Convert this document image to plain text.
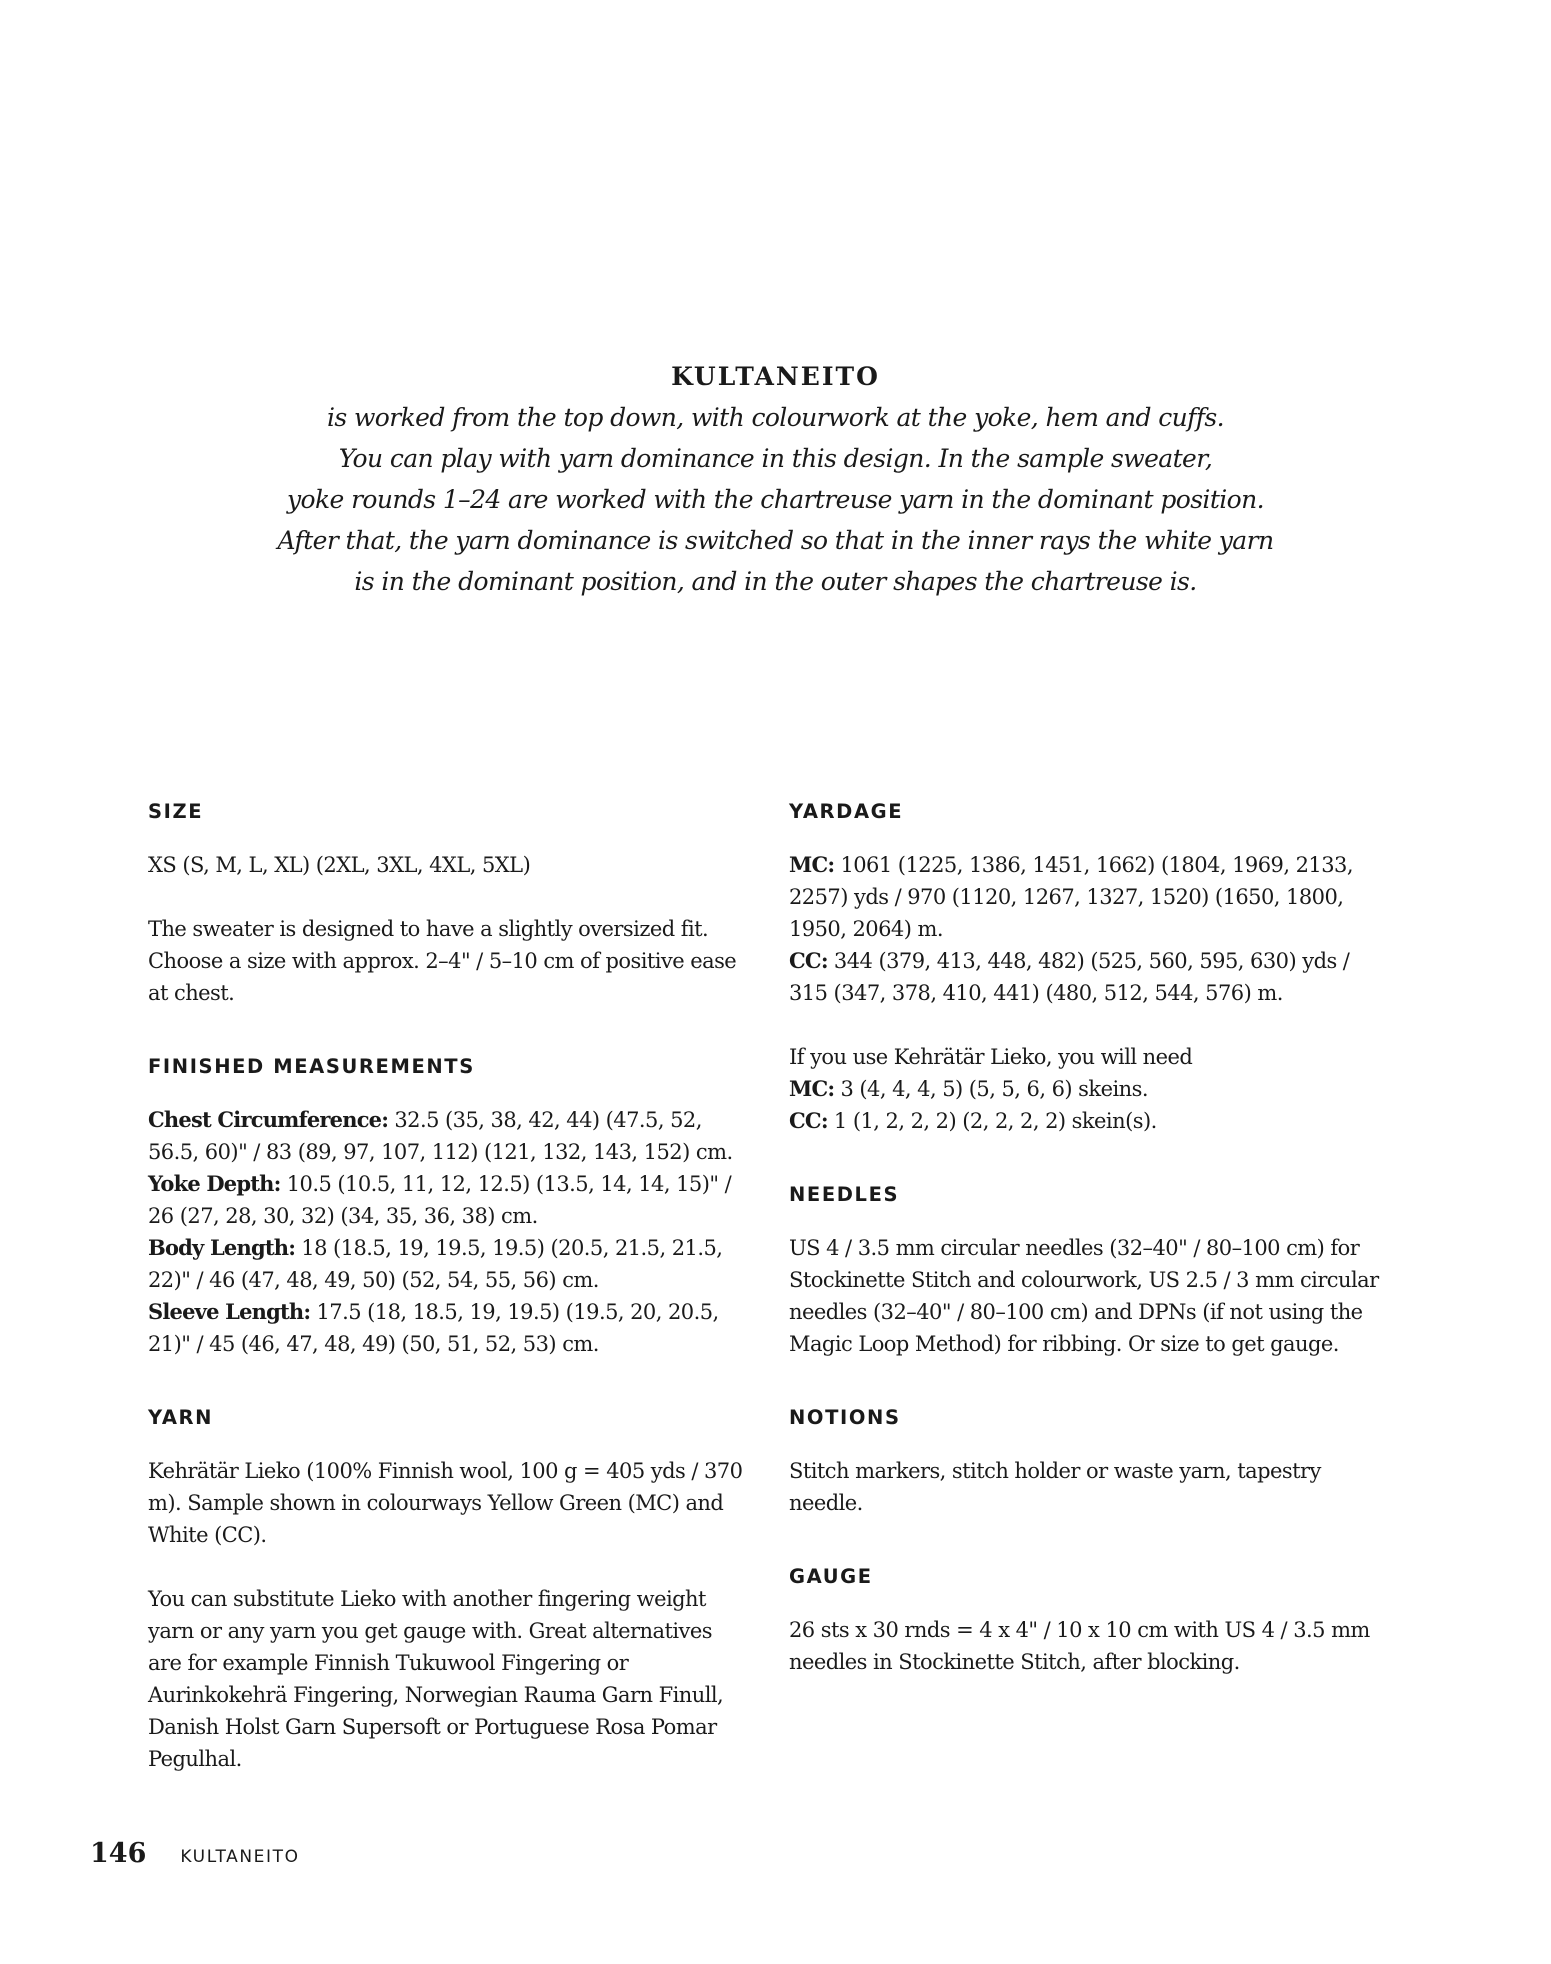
KULTANEITO
is worked from the top down, with colourwork at the yoke, hem and cuffs.
You can play with yarn dominance in this design. In the sample sweater,
yoke rounds 1–24 are worked with the chartreuse yarn in the dominant position.
After that, the yarn dominance is switched so that in the inner rays the white yarn
is in the dominant position, and in the outer shapes the chartreuse is.
SIZE
XS (S, M, L, XL) (2XL, 3XL, 4XL, 5XL)
The sweater is designed to have a slightly oversized fit. Choose a size with approx. 2–4" / 5–10 cm of positive ease at chest.
FINISHED MEASUREMENTS
Chest Circumference: 32.5 (35, 38, 42, 44) (47.5, 52, 56.5, 60)" / 83 (89, 97, 107, 112) (121, 132, 143, 152) cm.
Yoke Depth: 10.5 (10.5, 11, 12, 12.5) (13.5, 14, 14, 15)" / 26 (27, 28, 30, 32) (34, 35, 36, 38) cm.
Body Length: 18 (18.5, 19, 19.5, 19.5) (20.5, 21.5, 21.5, 22)" / 46 (47, 48, 49, 50) (52, 54, 55, 56) cm.
Sleeve Length: 17.5 (18, 18.5, 19, 19.5) (19.5, 20, 20.5, 21)" / 45 (46, 47, 48, 49) (50, 51, 52, 53) cm.
YARN
Kehrätär Lieko (100% Finnish wool, 100 g = 405 yds / 370 m). Sample shown in colourways Yellow Green (MC) and White (CC).
You can substitute Lieko with another fingering weight yarn or any yarn you get gauge with. Great alternatives are for example Finnish Tukuwool Fingering or Aurinkokehrä Fingering, Norwegian Rauma Garn Finull, Danish Holst Garn Supersoft or Portuguese Rosa Pomar Pegulhal.
YARDAGE
MC: 1061 (1225, 1386, 1451, 1662) (1804, 1969, 2133, 2257) yds / 970 (1120, 1267, 1327, 1520) (1650, 1800, 1950, 2064) m.
CC: 344 (379, 413, 448, 482) (525, 560, 595, 630) yds / 315 (347, 378, 410, 441) (480, 512, 544, 576) m.
If you use Kehrätär Lieko, you will need
MC: 3 (4, 4, 4, 5) (5, 5, 6, 6) skeins.
CC: 1 (1, 2, 2, 2) (2, 2, 2, 2) skein(s).
NEEDLES
US 4 / 3.5 mm circular needles (32–40" / 80–100 cm) for Stockinette Stitch and colourwork, US 2.5 / 3 mm circular needles (32–40" / 80–100 cm) and DPNs (if not using the Magic Loop Method) for ribbing. Or size to get gauge.
NOTIONS
Stitch markers, stitch holder or waste yarn, tapestry needle.
GAUGE
26 sts x 30 rnds = 4 x 4" / 10 x 10 cm with US 4 / 3.5 mm needles in Stockinette Stitch, after blocking.
146 KULTANEITO
